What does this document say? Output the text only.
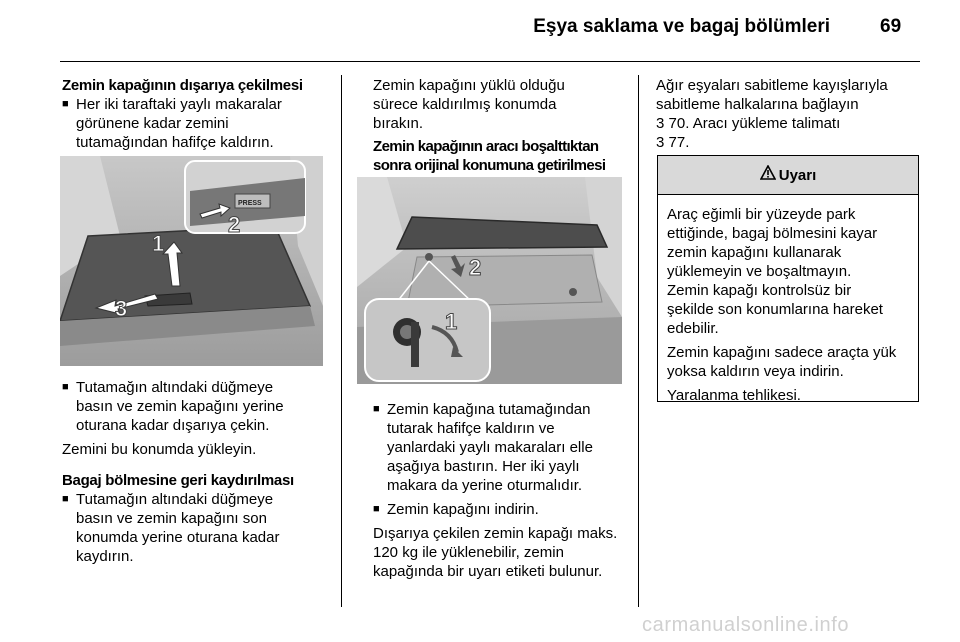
Eşya saklama ve bagaj bölümleri	69

Zemin kapağının dışarıya çekilmesi

■ Her iki taraftaki yaylı makaralar
görünene kadar zemini
tutamağından hafifçe kaldırın.
1
3
PRESS
2
■ Tutamağın altındaki düğmeye
basın ve zemin kapağını yerine
oturana kadar dışarıya çekin.

Zemini bu konumda yükleyin.

Bagaj bölmesine geri kaydırılması

■ Tutamağın altındaki düğmeye
basın ve zemin kapağını son
konumda yerine oturana kadar
kaydırın.

Zemin kapağını yüklü olduğu
sürece kaldırılmış konumda
bırakın.

Zemin kapağının aracı boşalttıktan
sonra orijinal konumuna getirilmesi

2
1
■ Zemin kapağına tutamağından
tutarak hafifçe kaldırın ve
yanlardaki yaylı makaraları elle
aşağıya bastırın. Her iki yaylı
makara da yerine oturmalıdır.
■ Zemin kapağını indirin.

Dışarıya çekilen zemin kapağı maks.
120 kg ile yüklenebilir, zemin
kapağında bir uyarı etiketi bulunur.

Ağır eşyaları sabitleme kayışlarıyla
sabitleme halkalarına bağlayın
3 70. Aracı yükleme talimatı
3 77.

Uyarı

Araç eğimli bir yüzeyde park
ettiğinde, bagaj bölmesini kayar
zemin kapağını kullanarak
yüklemeyin ve boşaltmayın.
Zemin kapağı kontrolsüz bir
şekilde son konumlarına hareket
edebilir.

Zemin kapağını sadece araçta yük
yoksa kaldırın veya indirin.

Yaralanma tehlikesi.

carmanualsonline.info
